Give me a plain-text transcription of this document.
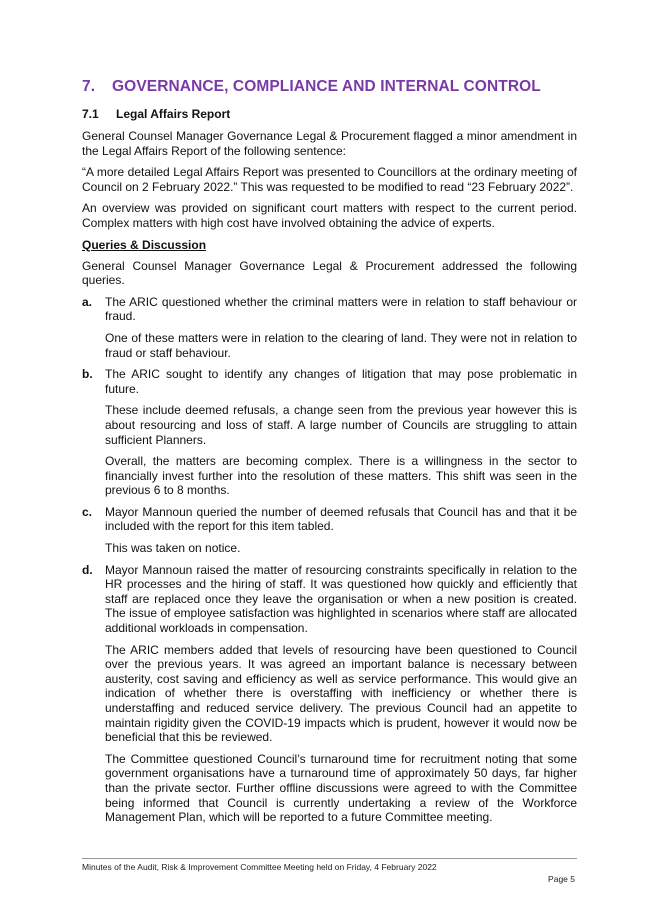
7. GOVERNANCE, COMPLIANCE AND INTERNAL CONTROL
7.1 Legal Affairs Report

General Counsel Manager Governance Legal & Procurement flagged a minor amendment in the Legal Affairs Report of the following sentence:

“A more detailed Legal Affairs Report was presented to Councillors at the ordinary meeting of Council on 2 February 2022.” This was requested to be modified to read “23 February 2022”.

An overview was provided on significant court matters with respect to the current period. Complex matters with high cost have involved obtaining the advice of experts.

Queries & Discussion

General Counsel Manager Governance Legal & Procurement addressed the following queries.

a. The ARIC questioned whether the criminal matters were in relation to staff behaviour or fraud.

One of these matters were in relation to the clearing of land. They were not in relation to fraud or staff behaviour.

b. The ARIC sought to identify any changes of litigation that may pose problematic in future.

These include deemed refusals, a change seen from the previous year however this is about resourcing and loss of staff. A large number of Councils are struggling to attain sufficient Planners.

Overall, the matters are becoming complex. There is a willingness in the sector to financially invest further into the resolution of these matters. This shift was seen in the previous 6 to 8 months.

c. Mayor Mannoun queried the number of deemed refusals that Council has and that it be included with the report for this item tabled.

This was taken on notice.

d. Mayor Mannoun raised the matter of resourcing constraints specifically in relation to the HR processes and the hiring of staff. It was questioned how quickly and efficiently that staff are replaced once they leave the organisation or when a new position is created. The issue of employee satisfaction was highlighted in scenarios where staff are allocated additional workloads in compensation.

The ARIC members added that levels of resourcing have been questioned to Council over the previous years. It was agreed an important balance is necessary between austerity, cost saving and efficiency as well as service performance. This would give an indication of whether there is overstaffing with inefficiency or whether there is understaffing and reduced service delivery. The previous Council had an appetite to maintain rigidity given the COVID-19 impacts which is prudent, however it would now be beneficial that this be reviewed.

The Committee questioned Council’s turnaround time for recruitment noting that some government organisations have a turnaround time of approximately 50 days, far higher than the private sector. Further offline discussions were agreed to with the Committee being informed that Council is currently undertaking a review of the Workforce Management Plan, which will be reported to a future Committee meeting.

Minutes of the Audit, Risk & Improvement Committee Meeting held on Friday, 4 February 2022
Page 5
